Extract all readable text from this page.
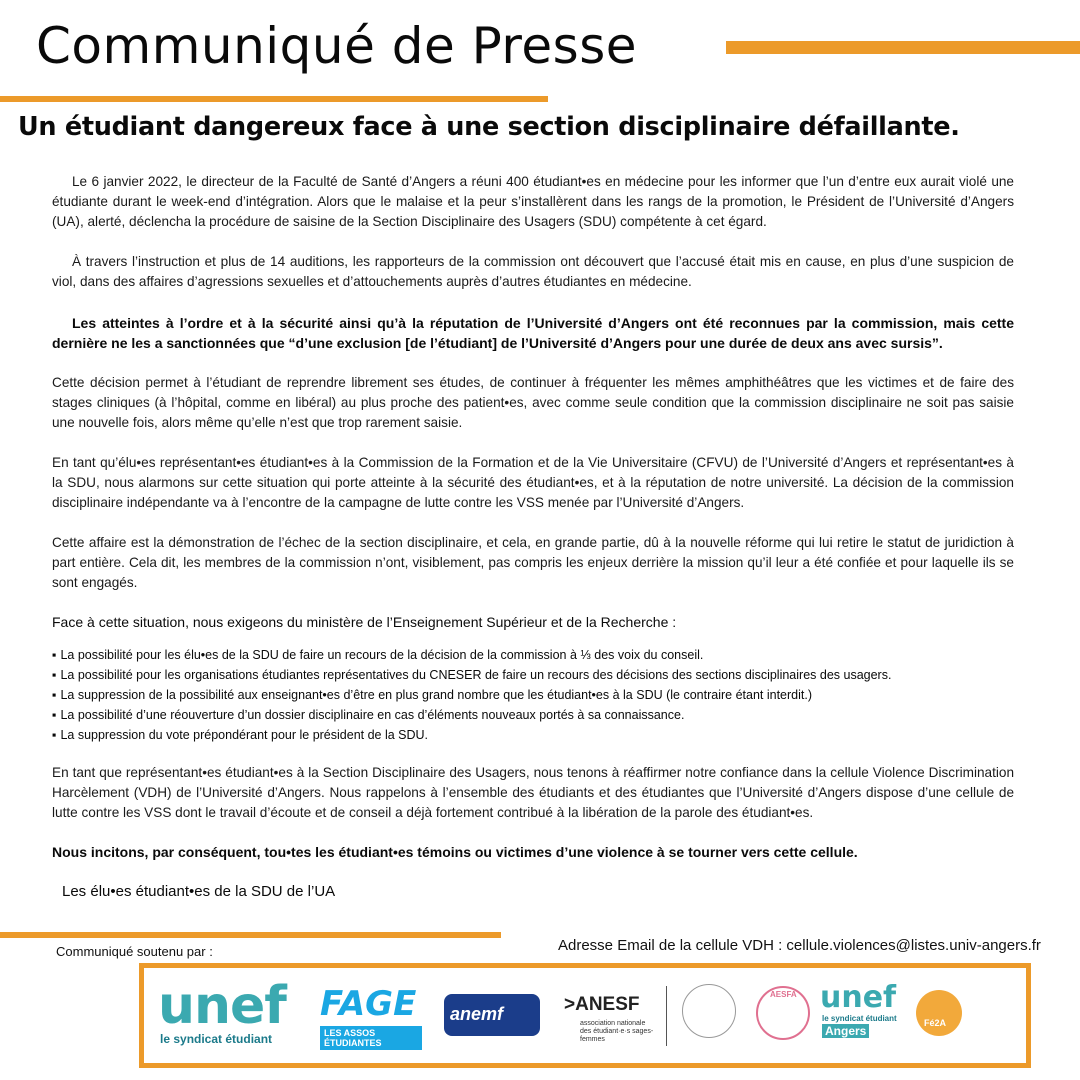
Communiqué de Presse
Un étudiant dangereux face à une section disciplinaire défaillante.

Le 6 janvier 2022, le directeur de la Faculté de Santé d’Angers a réuni 400 étudiant•es en médecine pour les informer que l’un d’entre eux aurait violé une étudiante durant le week-end d’intégration. Alors que le malaise et la peur s’installèrent dans les rangs de la promotion, le Président de l’Université d’Angers (UA), alerté, déclencha la procédure de saisine de la Section Disciplinaire des Usagers (SDU) compétente à cet égard.

À travers l’instruction et plus de 14 auditions, les rapporteurs de la commission ont découvert que l’accusé était mis en cause, en plus d’une suspicion de viol, dans des affaires d’agressions sexuelles et d’attouchements auprès d’autres étudiantes en médecine.

Les atteintes à l’ordre et à la sécurité ainsi qu’à la réputation de l’Université d’Angers ont été reconnues par la commission, mais cette dernière ne les a sanctionnées que “d’une exclusion [de l’étudiant] de l’Université d’Angers pour une durée de deux ans avec sursis”.

Cette décision permet à l’étudiant de reprendre librement ses études, de continuer à fréquenter les mêmes amphithéâtres que les victimes et de faire des stages cliniques (à l’hôpital, comme en libéral) au plus proche des patient•es, avec comme seule condition que la commission disciplinaire ne soit pas saisie une nouvelle fois, alors même qu’elle n’est que trop rarement saisie.

En tant qu’élu•es représentant•es étudiant•es à la Commission de la Formation et de la Vie Universitaire (CFVU) de l’Université d’Angers et représentant•es à la SDU, nous alarmons sur cette situation qui porte atteinte à la sécurité des étudiant•es, et à la réputation de notre université. La décision de la commission disciplinaire indépendante va à l’encontre de la campagne de lutte contre les VSS menée par l’Université d’Angers.

Cette affaire est la démonstration de l’échec de la section disciplinaire, et cela, en grande partie, dû à la nouvelle réforme qui lui retire le statut de juridiction à part entière. Cela dit, les membres de la commission n’ont, visiblement, pas compris les enjeux derrière la mission qu’il leur a été confiée et pour laquelle ils se sont engagés.

Face à cette situation, nous exigeons du ministère de l’Enseignement Supérieur et de la Recherche :

▪ La possibilité pour les élu•es de la SDU de faire un recours de la décision de la commission à ⅓ des voix du conseil.
▪ La possibilité pour les organisations étudiantes représentatives du CNESER de faire un recours des décisions des sections disciplinaires des usagers.
▪ La suppression de la possibilité aux enseignant•es d’être en plus grand nombre que les étudiant•es à la SDU (le contraire étant interdit.)
▪ La possibilité d’une réouverture d’un dossier disciplinaire en cas d’éléments nouveaux portés à sa connaissance.
▪ La suppression du vote prépondérant pour le président de la SDU.

En tant que représentant•es étudiant•es à la Section Disciplinaire des Usagers, nous tenons à réaffirmer notre confiance dans la cellule Violence Discrimination Harcèlement (VDH) de l’Université d’Angers. Nous rappelons à l’ensemble des étudiants et des étudiantes que l’Université d’Angers dispose d’une cellule de lutte contre les VSS dont le travail d’écoute et de conseil a déjà fortement contribué à la libération de la parole des étudiant•es.

Nous incitons, par conséquent, tou•tes les étudiant•es témoins ou victimes d’une violence à se tourner vers cette cellule.

Les élu•es étudiant•es de la SDU de l’UA

Communiqué soutenu par :	Adresse Email de la cellule VDH : cellule.violences@listes.univ-angers.fr

unef
le syndicat étudiant
FAGE
LES ASSOS ÉTUDIANTES
anemf	>ANESF
association nationale des étudiant·e·s sages-femmes
AESFA unef
le syndicat étudiant
Angers
Fé2A
